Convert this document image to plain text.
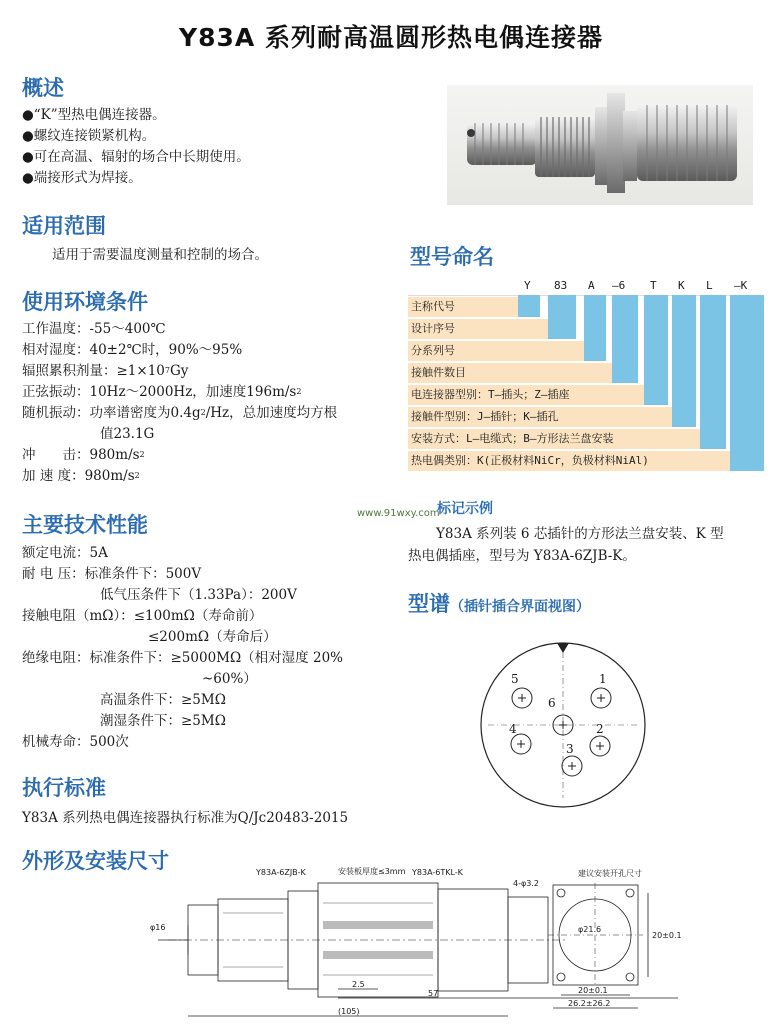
Y83A 系列耐高温圆形热电偶连接器
概述
●“K”型热电偶连接器。
●螺纹连接锁紧机构。
●可在高温、辐射的场合中长期使用。
●端接形式为焊接。
适用范围
适用于需要温度测量和控制的场合。
使用环境条件
工作温度：-55～400℃
相对湿度：40±2℃时，90%～95%
辐照累积剂量：$\ge 1\times 10^7Gy$
正弦振动：10Hz～2000Hz，加速度$196m/s^2$
随机振动：功率谱密度为$0.4g^2/Hz$，总加速度均方根
值23.1G
冲　　击：$980m/s^2$
加 速 度：$980m/s^2$
主要技术性能
额定电流：5A
耐 电 压：标准条件下：500V
低气压条件下（1.33Pa）：200V
接触电阻（mΩ）：≤100mΩ（寿命前）
≤200mΩ（寿命后）
绝缘电阻：标准条件下：≥5000MΩ（相对湿度 20%
~60%）
高温条件下：≥5MΩ
潮湿条件下：≥5MΩ
机械寿命：500次
执行标准
Y83A 系列热电偶连接器执行标准为Q/Jc20483-2015
外形及安装尺寸
型号命名
Y 83 A —6 T K L —K
主称代号
设计序号
分系列号
接触件数目
电连接器型别：T—插头；Z—插座
接触件型别：J—插针；K—插孔
安装方式：L—电缆式；B—方形法兰盘安装
热电偶类别：K(正极材料NiCr，负极材料NiAl)
www.91wxy.com
标记示例
Y83A 系列装 6 芯插针的方形法兰盘安装、K 型
热电偶插座，型号为 Y83A-6ZJB-K。
型谱（插针插合界面视图）
1
2
3
4
5
6
Y83A-6ZJB-K	安装板厚度≤3mm Y83A-6TKL-K
4-φ3.2
建议安装开孔尺寸
φ21.6
20±0.1
20±0.1
26.2±26.2
2.5
57
(105)
φ16
